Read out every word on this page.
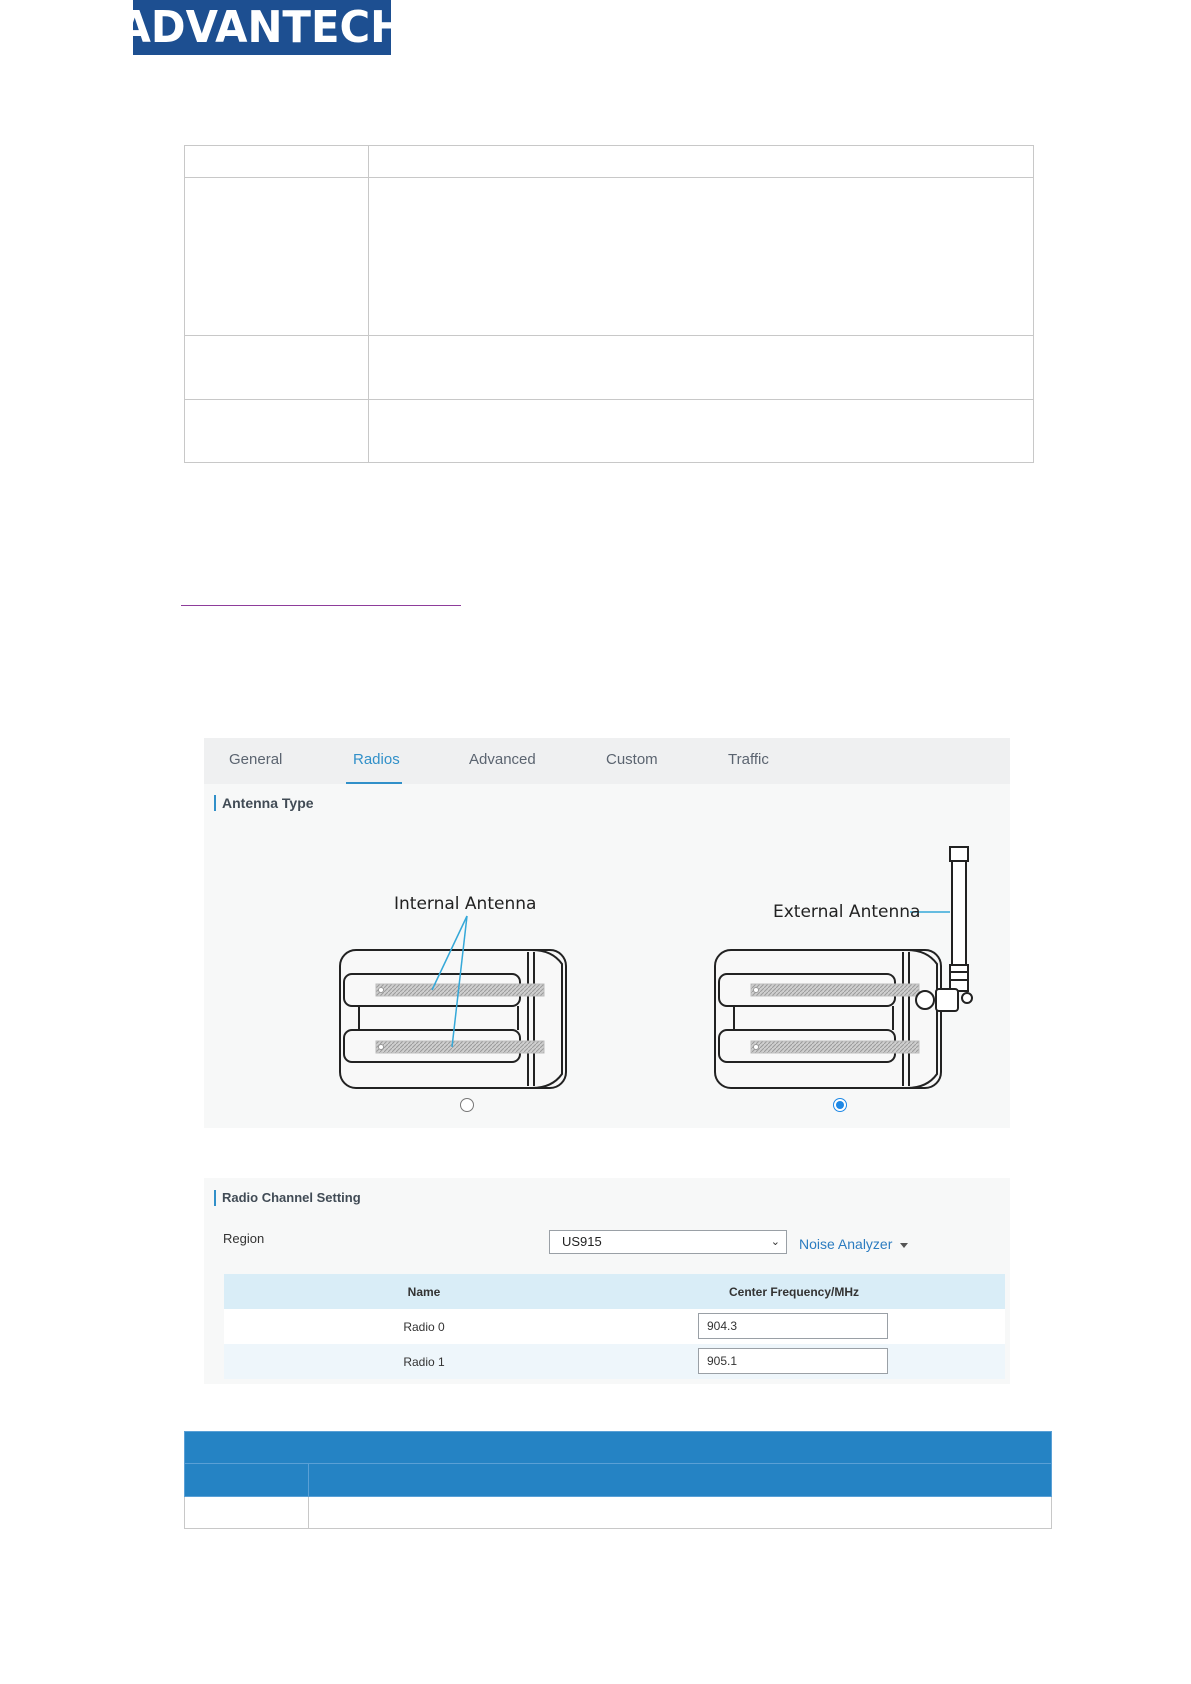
ADVANTECH

General	Radios	Advanced	Custom	Traffic
Antenna Type
Internal Antenna	External Antenna
Radio Channel Setting
Region	US915	⌄ Noise Analyzer
Name	Center Frequency/MHz
Radio 0	904.3
Radio 1	905.1
